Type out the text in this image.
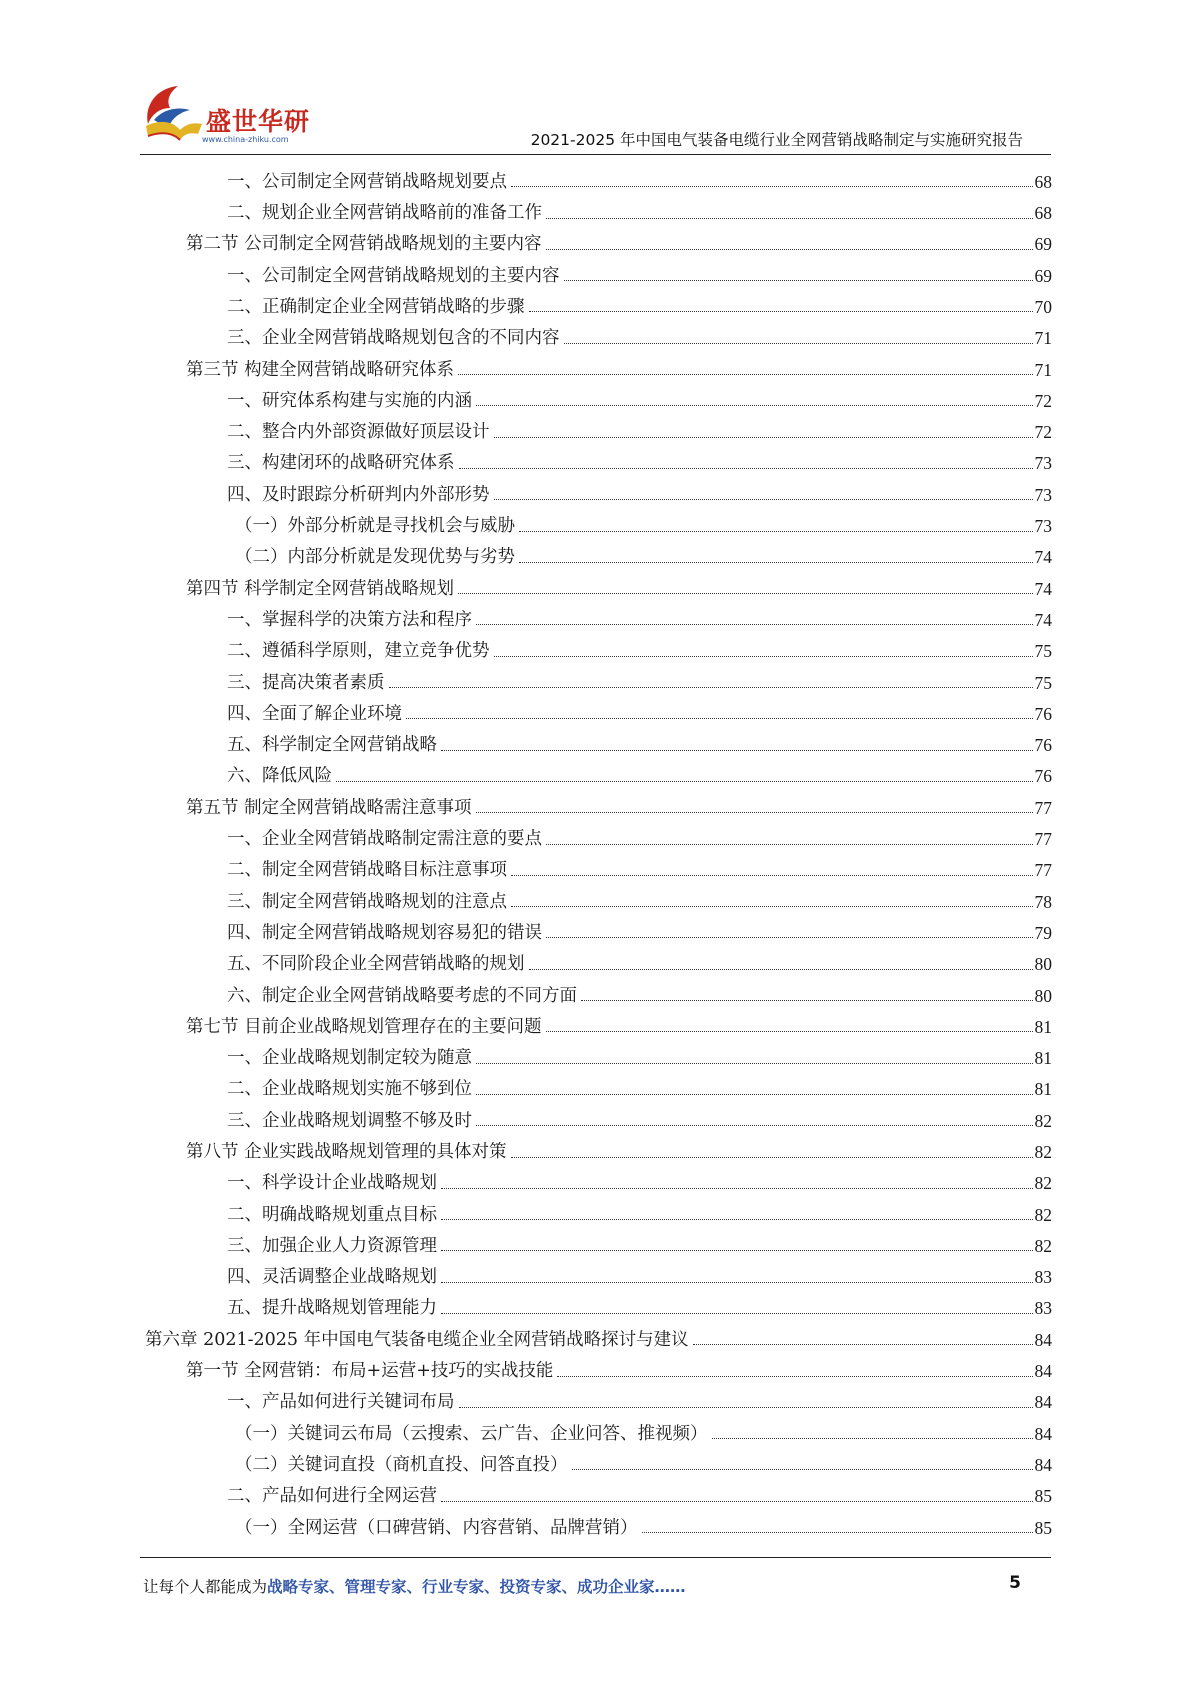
盛世华研
www.china-zhiku.com	2021-2025 年中国电气装备电缆行业全网营销战略制定与实施研究报告
一、公司制定全网营销战略规划要点	68
二、规划企业全网营销战略前的准备工作	68
第二节 公司制定全网营销战略规划的主要内容	69
一、公司制定全网营销战略规划的主要内容	69
二、正确制定企业全网营销战略的步骤	70
三、企业全网营销战略规划包含的不同内容	71
第三节 构建全网营销战略研究体系	71
一、研究体系构建与实施的内涵	72
二、整合内外部资源做好顶层设计	72
三、构建闭环的战略研究体系	73
四、及时跟踪分析研判内外部形势	73
（一）外部分析就是寻找机会与威胁	73
（二）内部分析就是发现优势与劣势	74
第四节 科学制定全网营销战略规划	74
一、掌握科学的决策方法和程序	74
二、遵循科学原则，建立竞争优势	75
三、提高决策者素质	75
四、全面了解企业环境	76
五、科学制定全网营销战略	76
六、降低风险	76
第五节 制定全网营销战略需注意事项	77
一、企业全网营销战略制定需注意的要点	77
二、制定全网营销战略目标注意事项	77
三、制定全网营销战略规划的注意点	78
四、制定全网营销战略规划容易犯的错误	79
五、不同阶段企业全网营销战略的规划	80
六、制定企业全网营销战略要考虑的不同方面	80
第七节 目前企业战略规划管理存在的主要问题	81
一、企业战略规划制定较为随意	81
二、企业战略规划实施不够到位	81
三、企业战略规划调整不够及时	82
第八节 企业实践战略规划管理的具体对策	82
一、科学设计企业战略规划	82
二、明确战略规划重点目标	82
三、加强企业人力资源管理	82
四、灵活调整企业战略规划	83
五、提升战略规划管理能力	83
第六章 2021-2025 年中国电气装备电缆企业全网营销战略探讨与建议	84
第一节 全网营销：布局+运营+技巧的实战技能	84
一、产品如何进行关键词布局	84
（一）关键词云布局（云搜索、云广告、企业问答、推视频）	84
（二）关键词直投（商机直投、问答直投）	84
二、产品如何进行全网运营	85
（一）全网运营（口碑营销、内容营销、品牌营销）	85
让每个人都能成为战略专家、管理专家、行业专家、投资专家、成功企业家……	5
